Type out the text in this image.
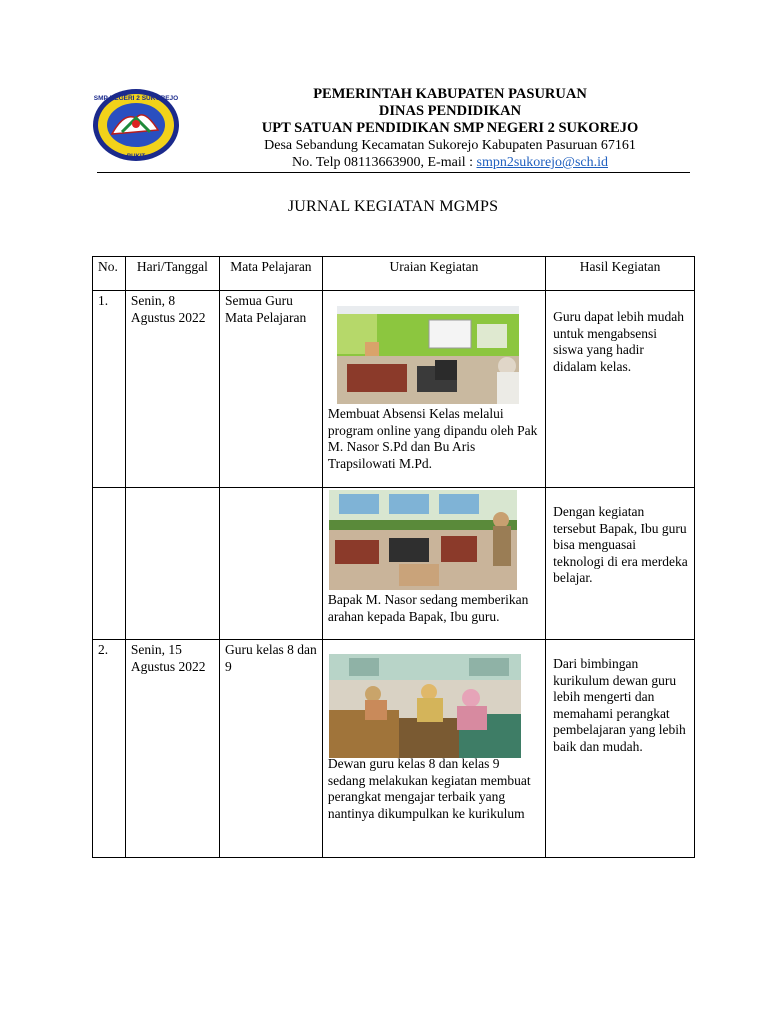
SMP NEGERI 2 SUKOREJO
BUKIT
PEMERINTAH KABUPATEN PASURUAN
DINAS PENDIDIKAN
UPT SATUAN PENDIDIKAN SMP NEGERI 2 SUKOREJO
Desa Sebandung Kecamatan Sukorejo Kabupaten Pasuruan 67161
No. Telp 08113663900, E-mail : smpn2sukorejo@sch.id
JURNAL KEGIATAN MGMPS
No.	Hari/Tanggal	Mata Pelajaran	Uraian Kegiatan	Hasil Kegiatan
1.	Senin, 8 Agustus 2022	Semua Guru Mata Pelajaran	Membuat Absensi Kelas melalui program online yang dipandu oleh Pak M. Nasor S.Pd dan Bu Aris Trapsilowati M.Pd.	Guru dapat lebih mudah untuk mengabsensi siswa yang hadir didalam kelas.

			Bapak M. Nasor sedang memberikan arahan kepada Bapak, Ibu guru.	Dengan kegiatan tersebut Bapak, Ibu guru bisa menguasai teknologi di era merdeka belajar.

2.	Senin, 15 Agustus 2022	Guru kelas 8 dan 9	Dewan guru kelas 8 dan kelas 9 sedang melakukan kegiatan membuat perangkat mengajar terbaik yang nantinya dikumpulkan ke kurikulum	Dari bimbingan kurikulum dewan guru lebih mengerti dan memahami perangkat pembelajaran yang lebih baik dan mudah.
